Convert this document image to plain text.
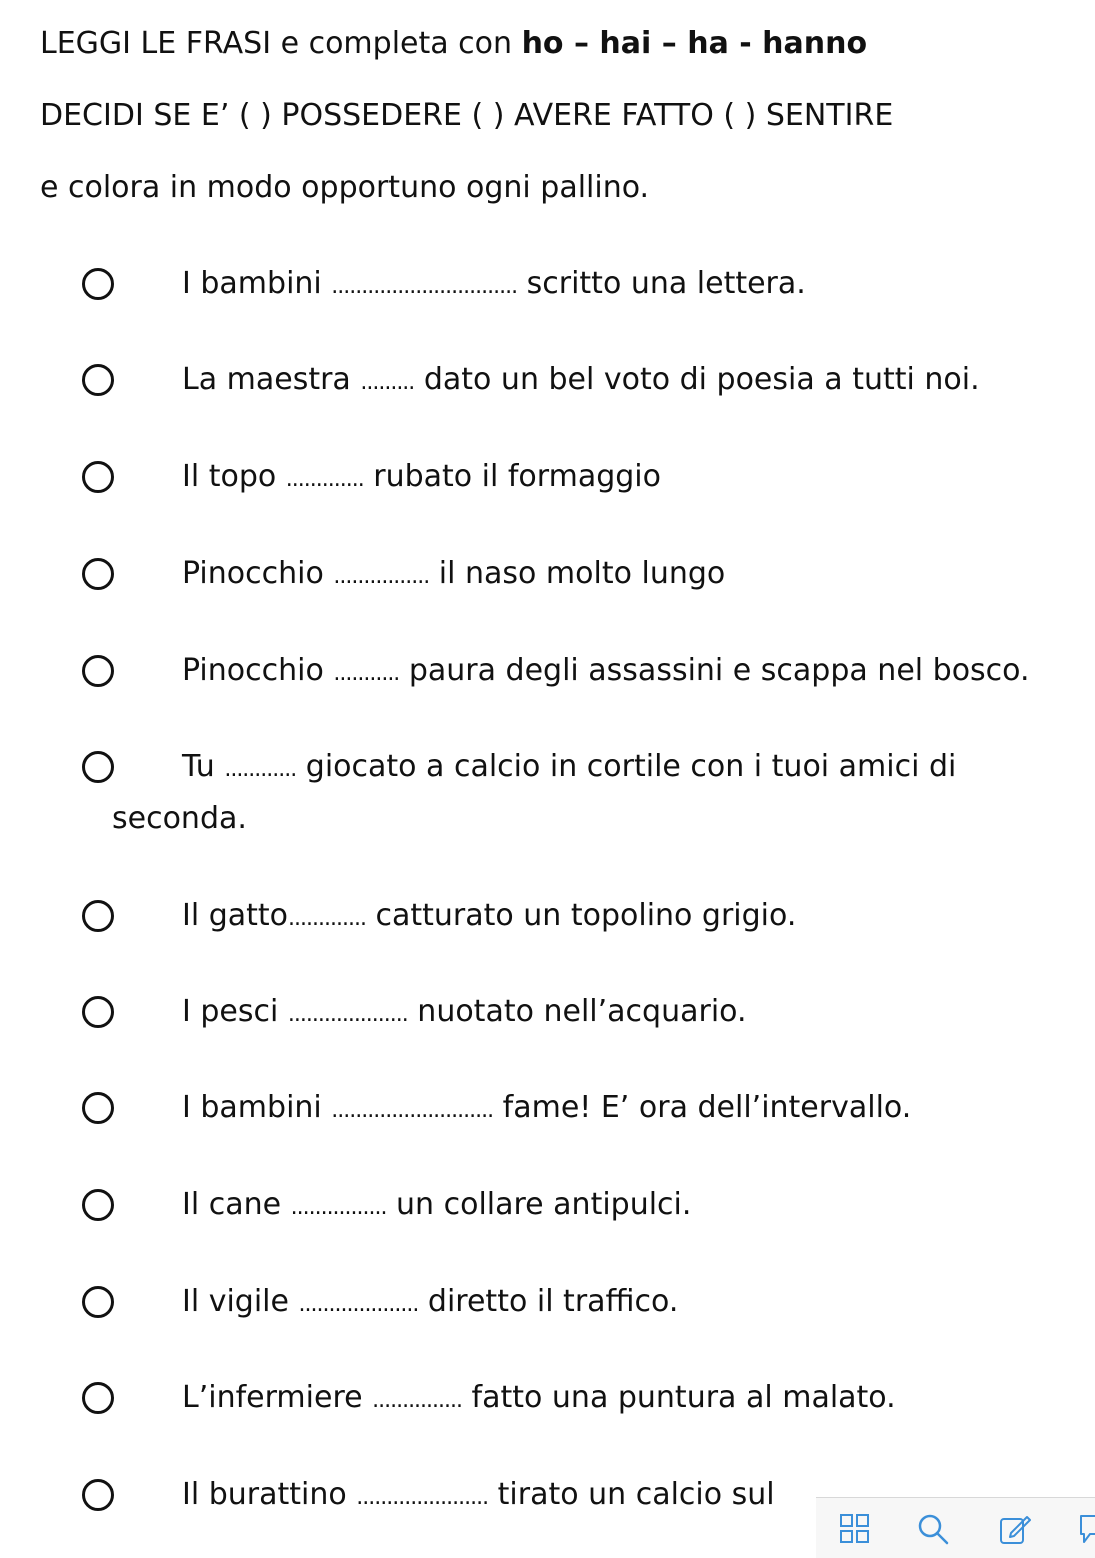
LEGGI LE FRASI e completa con ho – hai – ha - hanno
DECIDI SE E’ ( ) POSSEDERE ( ) AVERE FATTO ( ) SENTIRE
e colora in modo opportuno ogni pallino.
I bambini ............................... scritto una lettera.
La maestra ......... dato un bel voto di poesia a tutti noi.
Il topo ............. rubato il formaggio
Pinocchio ................ il naso molto lungo
Pinocchio ........... paura degli assassini e scappa nel bosco.
Tu ............ giocato a calcio in cortile con i tuoi amici di
seconda.
Il gatto............. catturato un topolino grigio.
I pesci .................... nuotato nell’acquario.
I bambini ........................... fame! E’ ora dell’intervallo.
Il cane ................ un collare antipulci.
Il vigile .................... diretto il traffico.
L’infermiere ............... fatto una puntura al malato.
Il burattino ...................... tirato un calcio sul
